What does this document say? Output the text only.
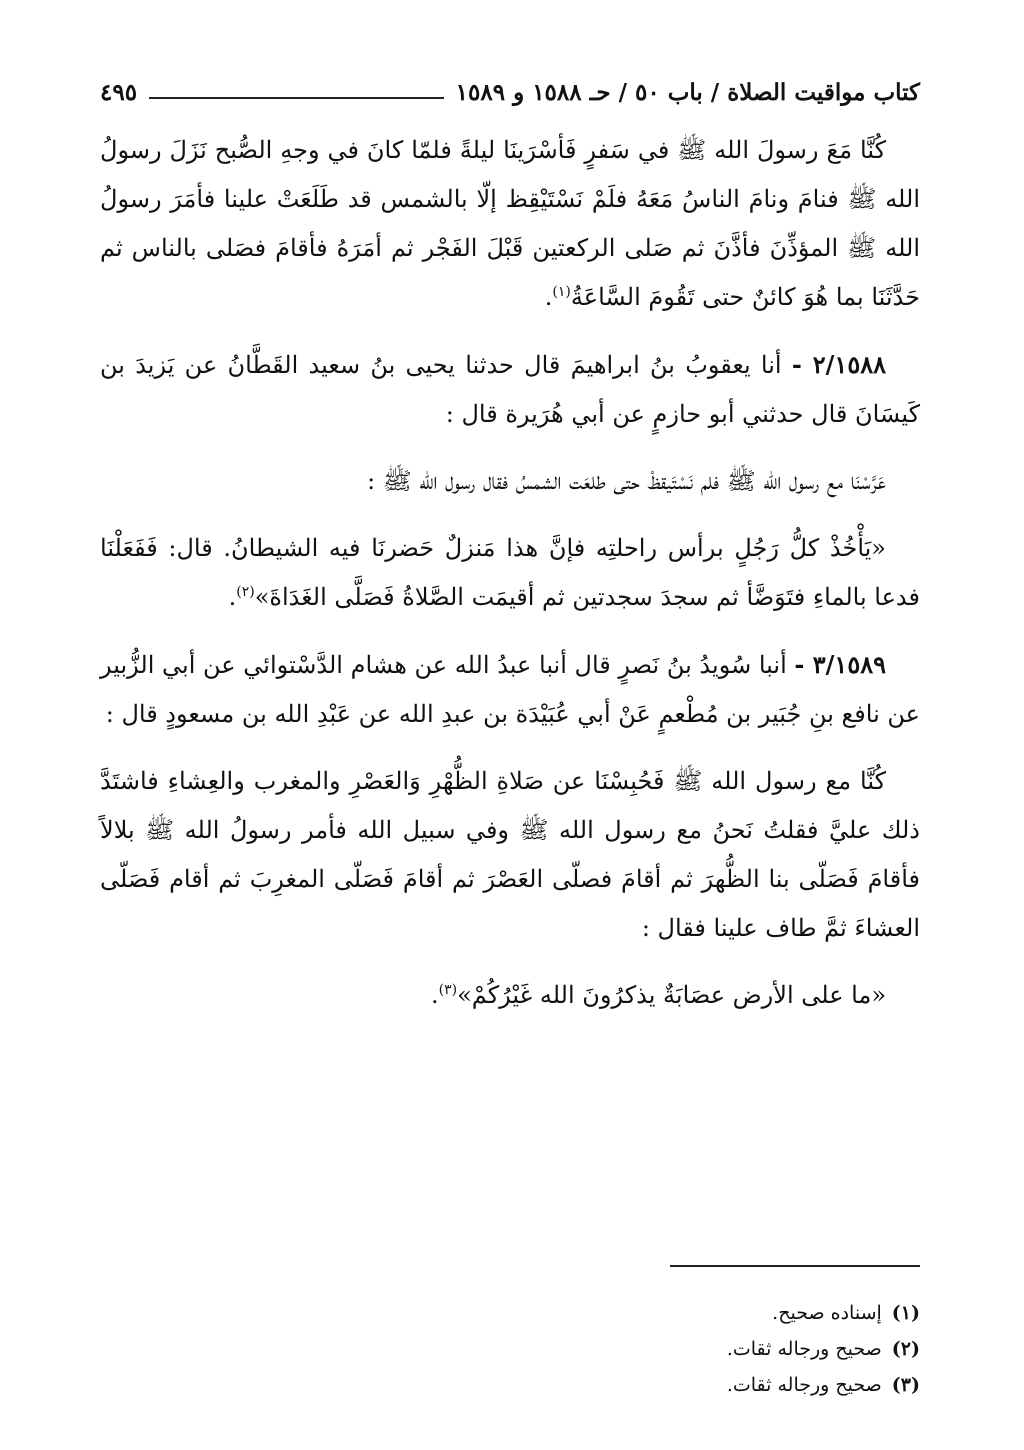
كتاب مواقيت الصلاة / باب ٥٠ / حـ ١٥٨٨ و ١٥٨٩
٤٩٥

كُنَّا مَعَ رسولَ الله ﷺ في سَفرٍ فَأسْرَينَا ليلةً فلمّا كانَ في وجهِ الصُّبح نَزَلَ رسولُ الله ﷺ فنامَ ونامَ الناسُ مَعَهُ فلَمْ نَسْتَيْقِظ إلّا بالشمس قد طَلَعَتْ علينا فأمَرَ رسولُ الله ﷺ المؤذِّنَ فأذَّنَ ثم صَلى الركعتين قَبْلَ الفَجْر ثم أمَرَهُ فأقامَ فصَلى بالناس ثم حَدَّثَنَا بما هُوَ كائنٌ حتى تَقُومَ السَّاعَةُ$^{(١)}$.

٢/١٥٨٨ - أنا يعقوبُ بنُ ابراهيمَ قال حدثنا يحيى بنُ سعيد القَطَّانُ عن يَزيدَ بن كَيسَانَ قال حدثني أبو حازمٍ عن أبي هُرَيرة قال :

عَرَّسْنَا مع رسول الله ﷺ فلم نَسْتَيقظْ حتى طلعَت الشمسُ فقال رسول الله ﷺ :

«يَأْخُذْ كلُّ رَجُلٍ برأس راحلتِه فإنَّ هذا مَنزلٌ حَضرنَا فيه الشيطانُ. قال: فَفَعَلْنَا فدعا بالماءِ فتَوَضَّأ ثم سجدَ سجدتين ثم أقيمَت الصَّلاةُ فَصَلَّى الغَدَاةَ»$^{(٢)}$.

٣/١٥٨٩ - أنبا سُويدُ بنُ نَصرٍ قال أنبا عبدُ الله عن هشام الدَّسْتوائي عن أبي الزُّبير عن نافع بنِ جُبَير بن مُطْعمٍ عَنْ أبي عُبَيْدَة بن عبدِ الله عن عَبْدِ الله بن مسعودٍ قال :

كُنَّا مع رسول الله ﷺ فَحُبِسْنَا عن صَلاةِ الظُّهْرِ وَالعَصْرِ والمغرب والعِشاءِ فاشتَدَّ ذلك عليَّ فقلتُ نَحنُ مع رسول الله ﷺ وفي سبيل الله فأمر رسولُ الله ﷺ بلالاً فأقامَ فَصَلّى بنا الظُّهرَ ثم أقامَ فصلّى العَصْرَ ثم أقامَ فَصَلّى المغرِبَ ثم أقام فَصَلّى العشاءَ ثمَّ طاف علينا فقال :

«ما على الأرض عصَابَةٌ يذكرُونَ الله غَيْرُكُمْ»$^{(٣)}$.

(١)إسناده صحيح.
(٢)صحيح ورجاله ثقات.
(٣)صحيح ورجاله ثقات.
